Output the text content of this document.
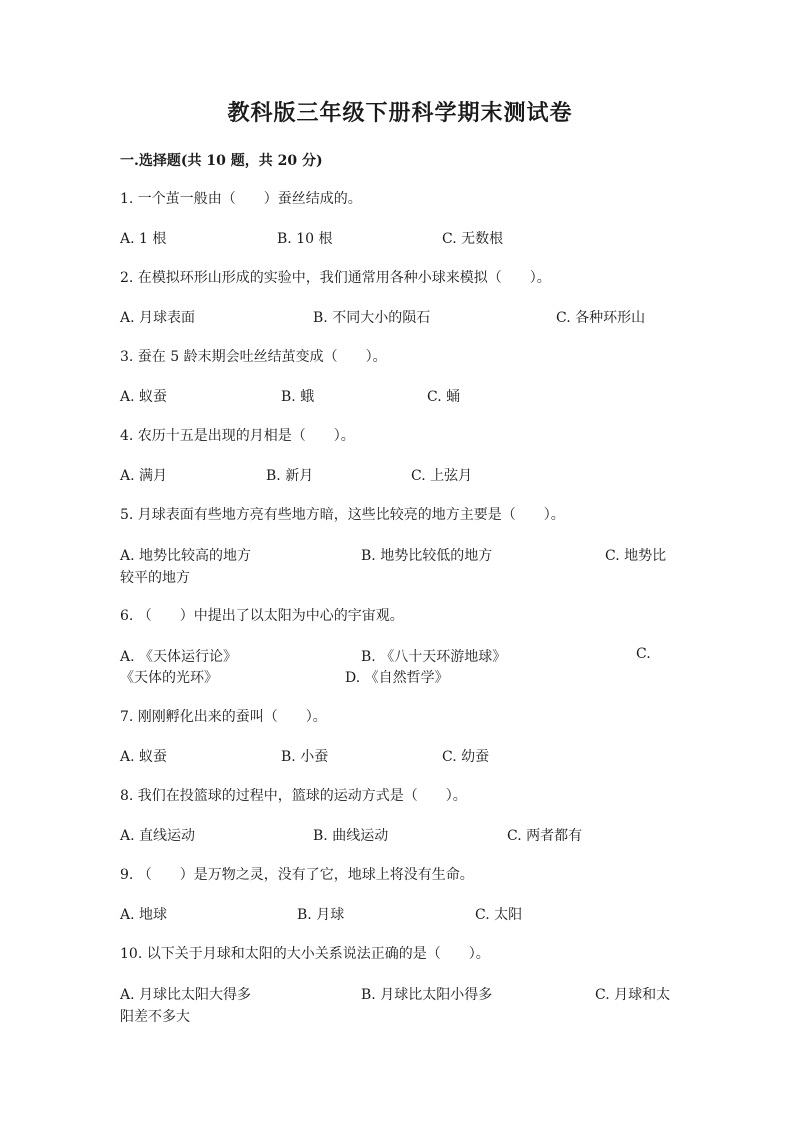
教科版三年级下册科学期末测试卷
一.选择题(共 10 题，共 20 分)
1. 一个茧一般由（　　）蚕丝结成的。
A. 1 根	B. 10 根	C. 无数根
2. 在模拟环形山形成的实验中，我们通常用各种小球来模拟（　　）。
A. 月球表面	B. 不同大小的陨石	C. 各种环形山
3. 蚕在 5 龄末期会吐丝结茧变成（　　）。
A. 蚁蚕	B. 蛾	C. 蛹
4. 农历十五是出现的月相是（　　）。
A. 满月	B. 新月	C. 上弦月
5. 月球表面有些地方亮有些地方暗，这些比较亮的地方主要是（　　）。
A. 地势比较高的地方	B. 地势比较低的地方	C. 地势比
较平的地方
6. （　　）中提出了以太阳为中心的宇宙观。
A. 《天体运行论》	B. 《八十天环游地球》	C.
《天体的光环》	D. 《自然哲学》
7. 刚刚孵化出来的蚕叫（　　）。
A. 蚁蚕	B. 小蚕	C. 幼蚕
8. 我们在投篮球的过程中，篮球的运动方式是（　　）。
A. 直线运动	B. 曲线运动	C. 两者都有
9. （　　）是万物之灵，没有了它，地球上将没有生命。
A. 地球	B. 月球	C. 太阳
10. 以下关于月球和太阳的大小关系说法正确的是（　　）。
A. 月球比太阳大得多	B. 月球比太阳小得多	C. 月球和太
阳差不多大
